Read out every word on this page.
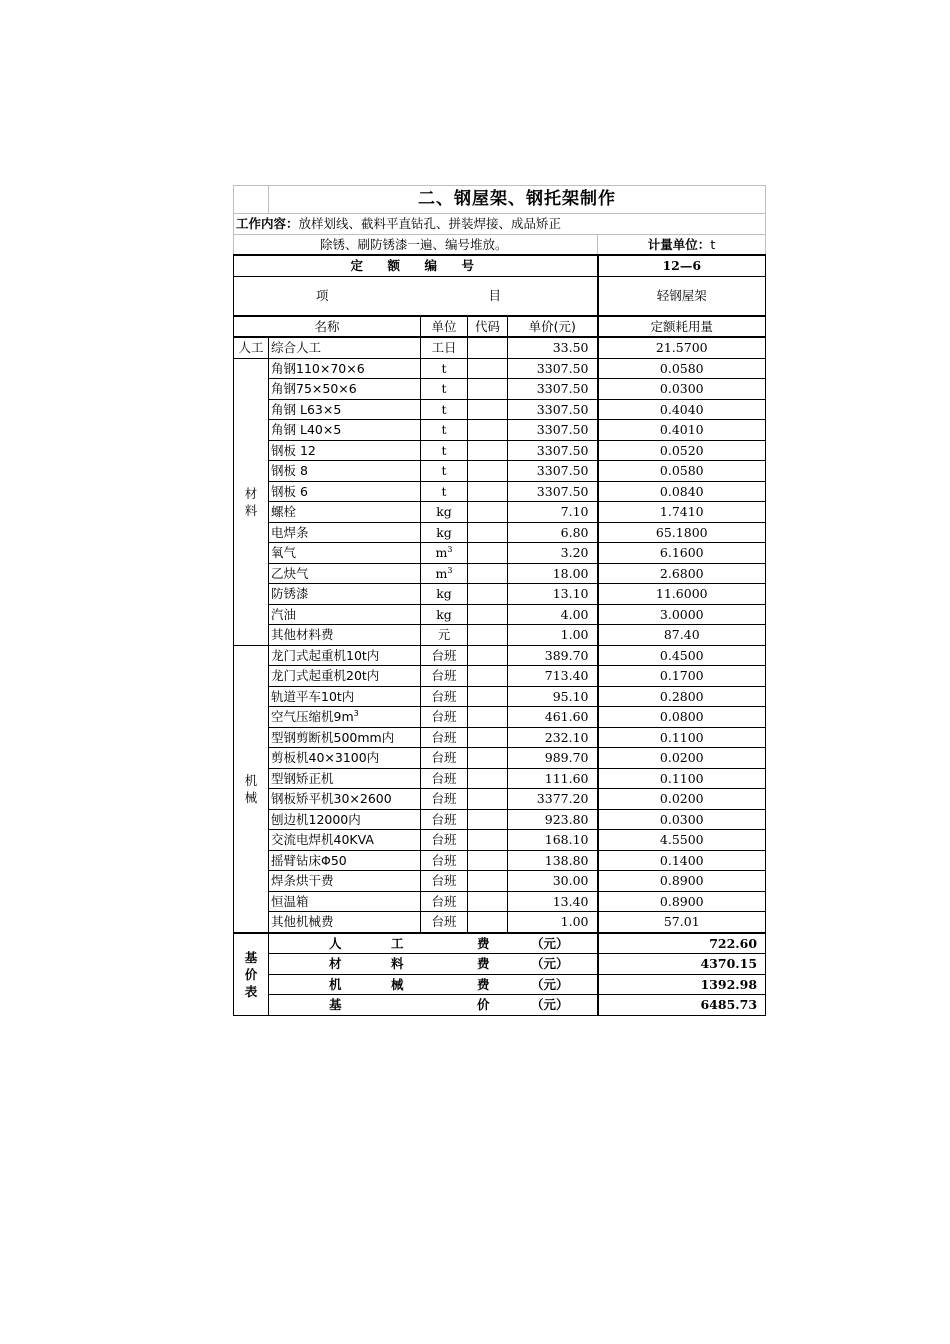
	二、钢屋架、钢托架制作				
工作内容：放样划线、截料平直钻孔、拼装焊接、成品矫正					
除锈、刷防锈漆一遍、编号堆放。					计量单位：t
定　额　编　号					12—6
项 目					轻钢屋架
名称		单位	代码	单价(元)	定额耗用量
人工	综合人工	工日		33.50	21.5700
材
料	角钢110×70×6	t		3307.50	0.0580
	角钢75×50×6	t		3307.50	0.0300
	角钢 L63×5	t		3307.50	0.4040
	角钢 L40×5	t		3307.50	0.4010
	钢板 12	t		3307.50	0.0520
	钢板 8	t		3307.50	0.0580
	钢板 6	t		3307.50	0.0840
	螺栓	kg		7.10	1.7410
	电焊条	kg		6.80	65.1800
	氧气	$m^3$		3.20	6.1600
	乙炔气	$m^3$		18.00	2.6800
	防锈漆	kg		13.10	11.6000
	汽油	kg		4.00	3.0000
	其他材料费	元		1.00	87.40
机
械	龙门式起重机10t内	台班		389.70	0.4500
	龙门式起重机20t内	台班		713.40	0.1700
	轨道平车10t内	台班		95.10	0.2800
	空气压缩机$9m^3$	台班		461.60	0.0800
	型钢剪断机500mm内	台班		232.10	0.1100
	剪板机40×3100内	台班		989.70	0.0200
	型钢矫正机	台班		111.60	0.1100
	钢板矫平机30×2600	台班		3377.20	0.0200
	刨边机12000内	台班		923.80	0.0300
	交流电焊机40KVA	台班		168.10	4.5500
	摇臂钻床Φ50	台班		138.80	0.1400
	焊条烘干费	台班		30.00	0.8900
	恒温箱	台班		13.40	0.8900
	其他机械费	台班		1.00	57.01
基
价
表	人 工 费 （元）				722.60
	材 料 费 （元）				4370.15
	机 械 费 （元）				1392.98
	基 价 （元）				6485.73
